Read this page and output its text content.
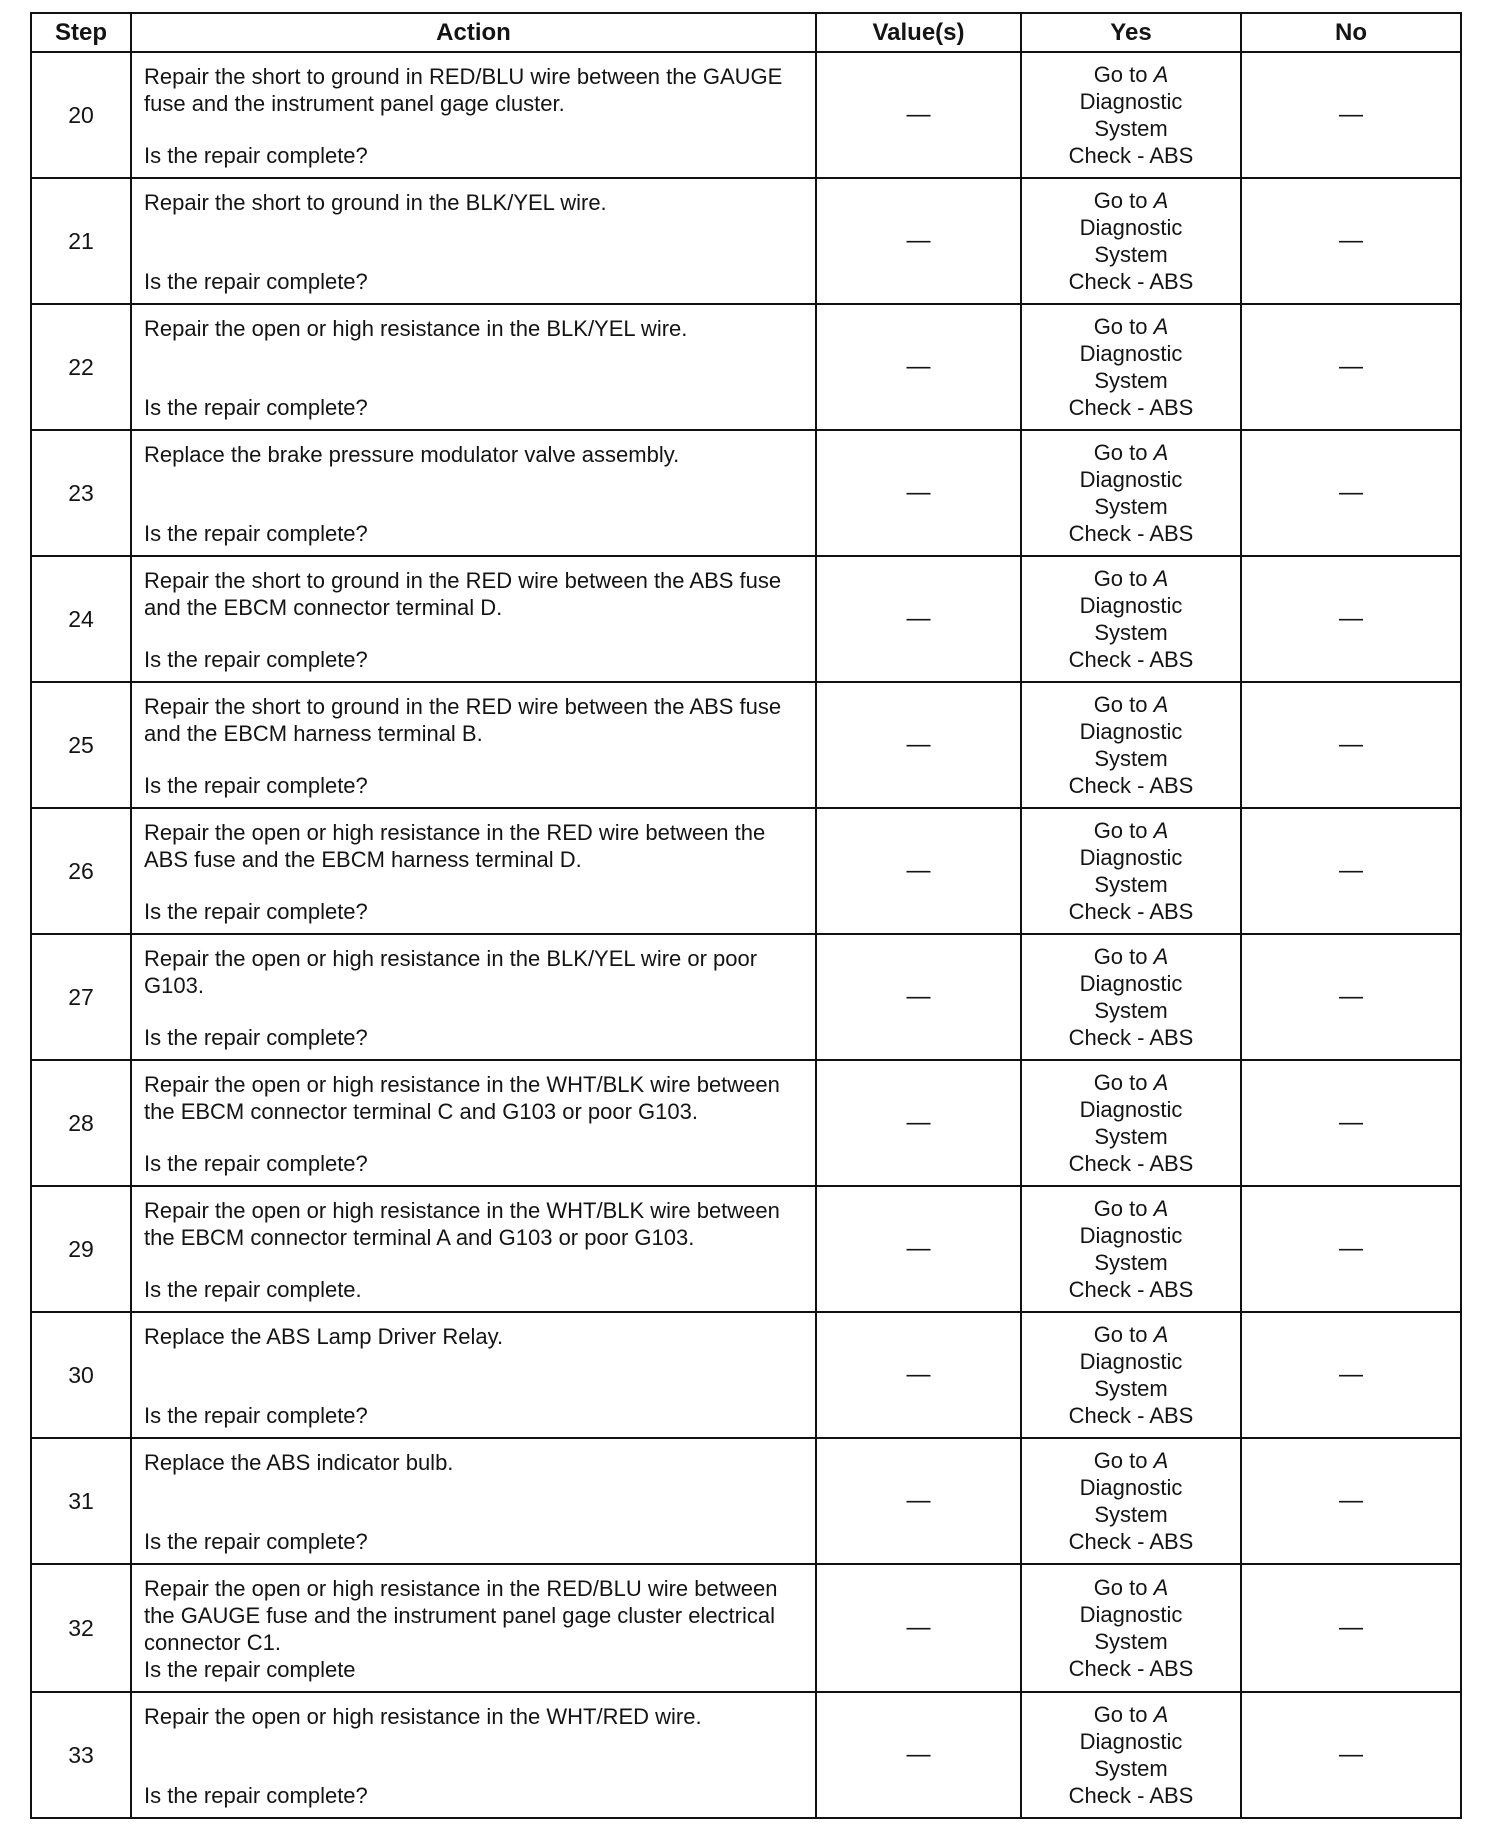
Step	Action	Value(s)	Yes	No
20	Repair the short to ground in RED/BLU wire between the GAUGE fuse and the instrument panel gage cluster.
Is the repair complete?	—	Go to A
Diagnostic
System
Check - ABS	—
21	Repair the short to ground in the BLK/YEL wire.
Is the repair complete?	—	Go to A
Diagnostic
System
Check - ABS	—
22	Repair the open or high resistance in the BLK/YEL wire.
Is the repair complete?	—	Go to A
Diagnostic
System
Check - ABS	—
23	Replace the brake pressure modulator valve assembly.
Is the repair complete?	—	Go to A
Diagnostic
System
Check - ABS	—
24	Repair the short to ground in the RED wire between the ABS fuse and the EBCM connector terminal D.
Is the repair complete?	—	Go to A
Diagnostic
System
Check - ABS	—
25	Repair the short to ground in the RED wire between the ABS fuse and the EBCM harness terminal B.
Is the repair complete?	—	Go to A
Diagnostic
System
Check - ABS	—
26	Repair the open or high resistance in the RED wire between the ABS fuse and the EBCM harness terminal D.
Is the repair complete?	—	Go to A
Diagnostic
System
Check - ABS	—
27	Repair the open or high resistance in the BLK/YEL wire or poor G103.
Is the repair complete?	—	Go to A
Diagnostic
System
Check - ABS	—
28	Repair the open or high resistance in the WHT/BLK wire between the EBCM connector terminal C and G103 or poor G103.
Is the repair complete?	—	Go to A
Diagnostic
System
Check - ABS	—
29	Repair the open or high resistance in the WHT/BLK wire between the EBCM connector terminal A and G103 or poor G103.
Is the repair complete.	—	Go to A
Diagnostic
System
Check - ABS	—
30	Replace the ABS Lamp Driver Relay.
Is the repair complete?	—	Go to A
Diagnostic
System
Check - ABS	—
31	Replace the ABS indicator bulb.
Is the repair complete?	—	Go to A
Diagnostic
System
Check - ABS	—
32	Repair the open or high resistance in the RED/BLU wire between the GAUGE fuse and the instrument panel gage cluster electrical connector C1.
Is the repair complete	—	Go to A
Diagnostic
System
Check - ABS	—
33	Repair the open or high resistance in the WHT/RED wire.
Is the repair complete?	—	Go to A
Diagnostic
System
Check - ABS	—
